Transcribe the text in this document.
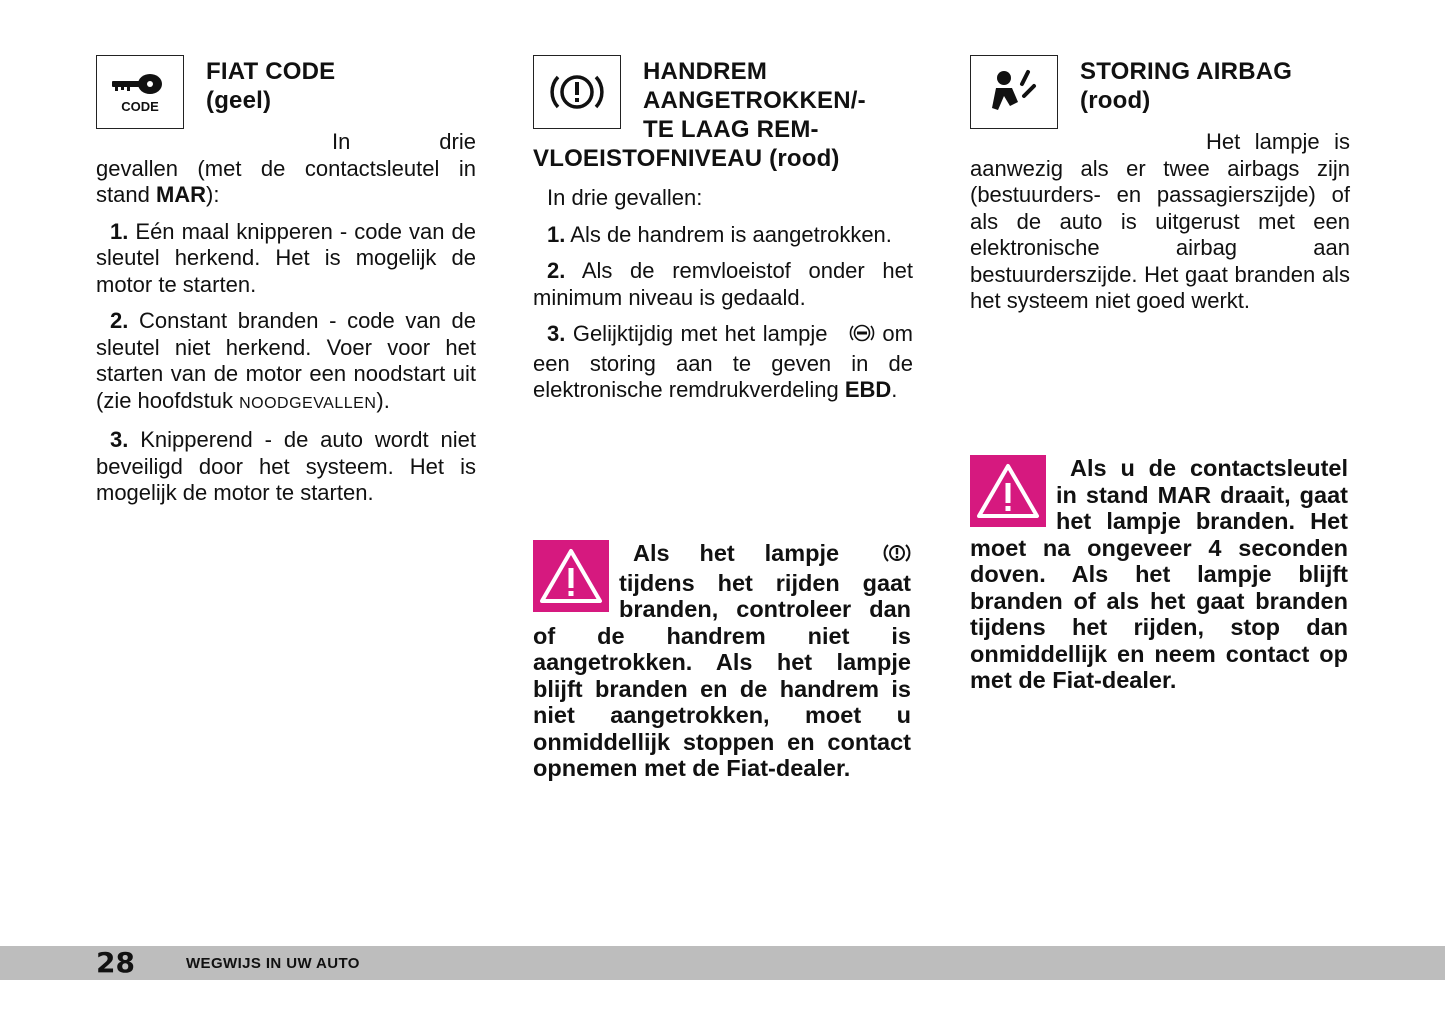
CODE
FIAT CODE
(geel)

In drie gevallen (met de contactsleutel in stand MAR):

1. Eén maal knipperen - code van de sleutel herkend. Het is mogelijk de motor te starten.

2. Constant branden - code van de sleutel niet herkend. Voer voor het starten van de motor een noodstart uit (zie hoofdstuk NOODGEVALLEN).

3. Knipperend - de auto wordt niet beveiligd door het systeem. Het is mogelijk de motor te starten.

HANDREM
AANGETROKKEN/-
TE LAAG REM-
VLOEISTOFNIVEAU (rood)

In drie gevallen:

1. Als de handrem is aangetrokken.

2. Als de remvloeistof onder het minimum niveau is gedaald.

3. Gelijktijdig met het lampje  om een storing aan te geven in de elektronische remdrukverdeling EBD.

Als het lampje  tijdens het rijden gaat branden, controleer dan of de handrem niet is aangetrokken. Als het lampje blijft branden en de handrem is niet aangetrokken, moet u onmiddellijk stoppen en contact opnemen met de Fiat-dealer.

STORING AIRBAG
(rood)

Het lampje is aanwezig als er twee airbags zijn (bestuurders- en passagierszijde) of als de auto is uitgerust met een elektronische airbag aan bestuurderszijde. Het gaat branden als het systeem niet goed werkt.

Als u de contactsleutel in stand MAR draait, gaat het lampje branden. Het moet na ongeveer 4 seconden doven. Als het lampje blijft branden of als het gaat branden tijdens het rijden, stop dan onmiddellijk en neem contact op met de Fiat-dealer.

28	WEGWIJS IN UW AUTO
